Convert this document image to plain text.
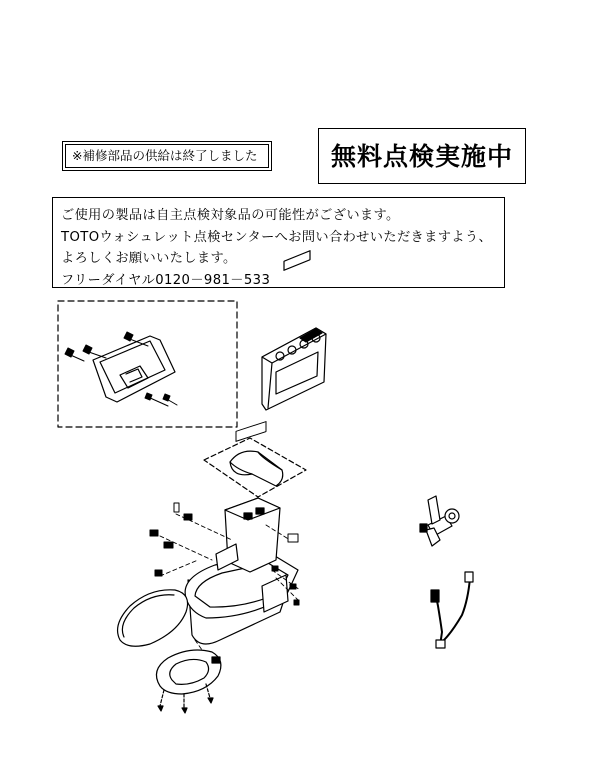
※補修部品の供給は終了しました	無料点検実施中
ご使用の製品は自主点検対象品の可能性がございます。
TOTOウォシュレット点検センターへお問い合わせいただきますよう、
よろしくお願いいたします。
フリーダイヤル0120－981－533
